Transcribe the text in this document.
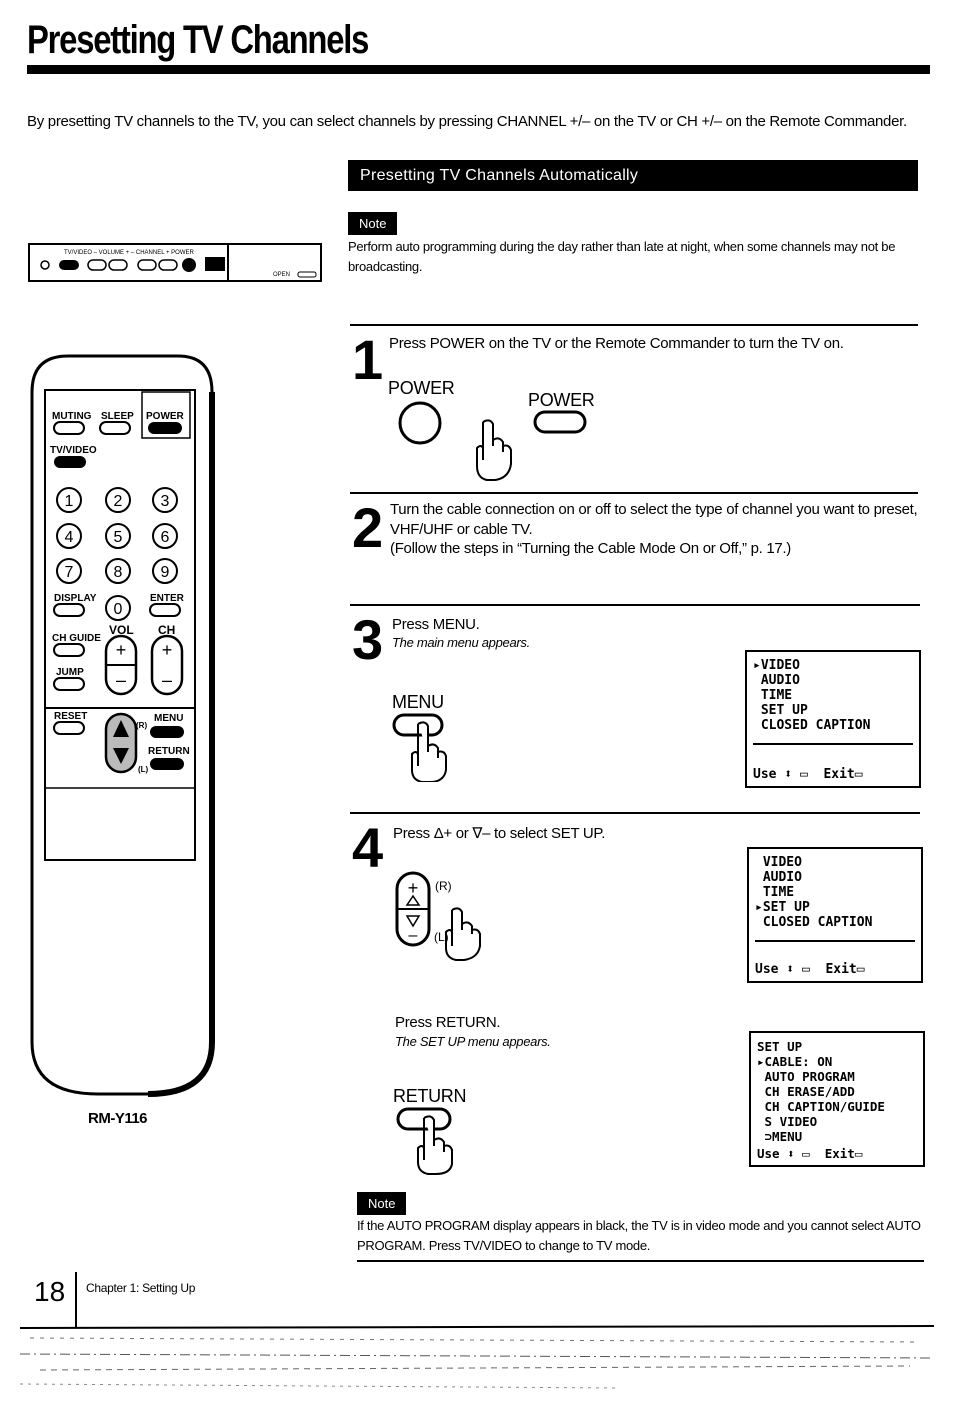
Presetting TV Channels
By presetting TV channels to the TV, you can select channels by pressing CHANNEL +/– on the TV or CH +/– on the Remote Commander.
Presetting TV Channels Automatically
TV/VIDEO – VOLUME + – CHANNEL + POWER
OPEN
Note
Perform auto programming during the day rather than late at night, when some channels may not be broadcasting.
1	2 3
4	5 6
7	8 9
0
+
–
+
–
MUTING SLEEP POWER
TV/VIDEO
DISPLAY	ENTER
CH GUIDE
VOL CH
JUMP
RESET	MENU
RETURN
(R)
(L)
RM-Y116
1 Press POWER on the TV or the Remote Commander to turn the TV on.
POWER
POWER
2 Turn the cable connection on or off to select the type of channel you want to preset, VHF/UHF or cable TV.
(Follow the steps in “Turning the Cable Mode On or Off,” p. 17.)
3 Press MENU.
The main menu appears.
MENU
▸VIDEO
AUDIO
TIME
SET UP
CLOSED CAPTION
Use ⬍ ▭  Exit▭
4 Press Δ+ or ∇– to select SET UP.
+
–
(R)
(L)
VIDEO
AUDIO
TIME
▸SET UP
CLOSED CAPTION
Use ⬍ ▭  Exit▭
Press RETURN.
The SET UP menu appears.
RETURN
SET UP
▸CABLE: ON
AUTO PROGRAM
CH ERASE/ADD
CH CAPTION/GUIDE
S VIDEO
⊃MENU
Use ⬍ ▭  Exit▭
Note
If the AUTO PROGRAM display appears in black, the TV is in video mode and you cannot select AUTO PROGRAM. Press TV/VIDEO to change to TV mode.
18 Chapter 1: Setting Up
